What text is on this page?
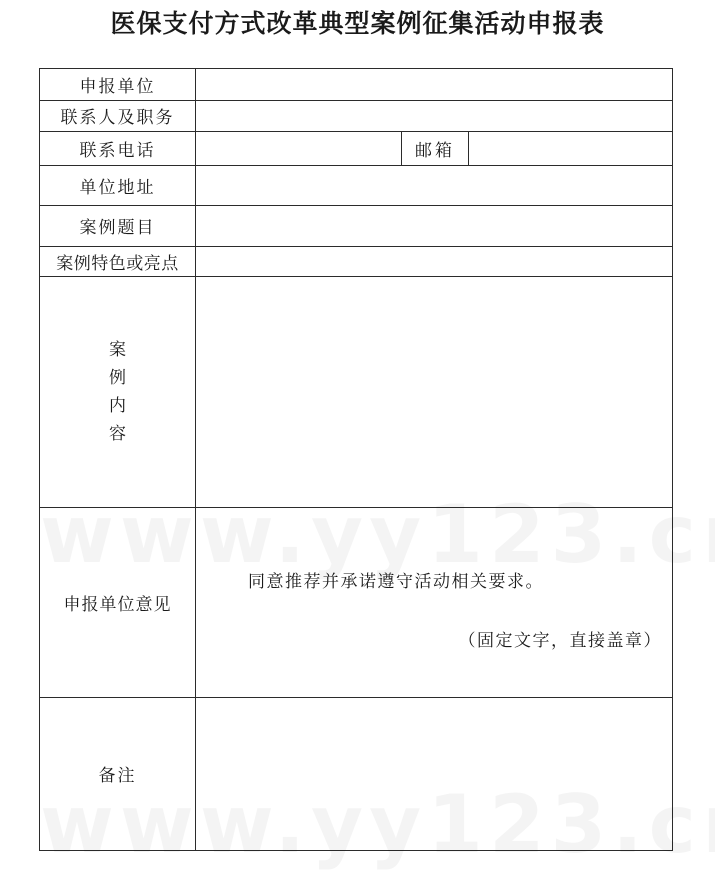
医保支付方式改革典型案例征集活动申报表
申报单位
联系人及职务
联系电话	邮箱
单位地址
案例题目
案例特色或亮点
案
例
内
容
申报单位意见
同意推荐并承诺遵守活动相关要求。
（固定文字，直接盖章）
备注
